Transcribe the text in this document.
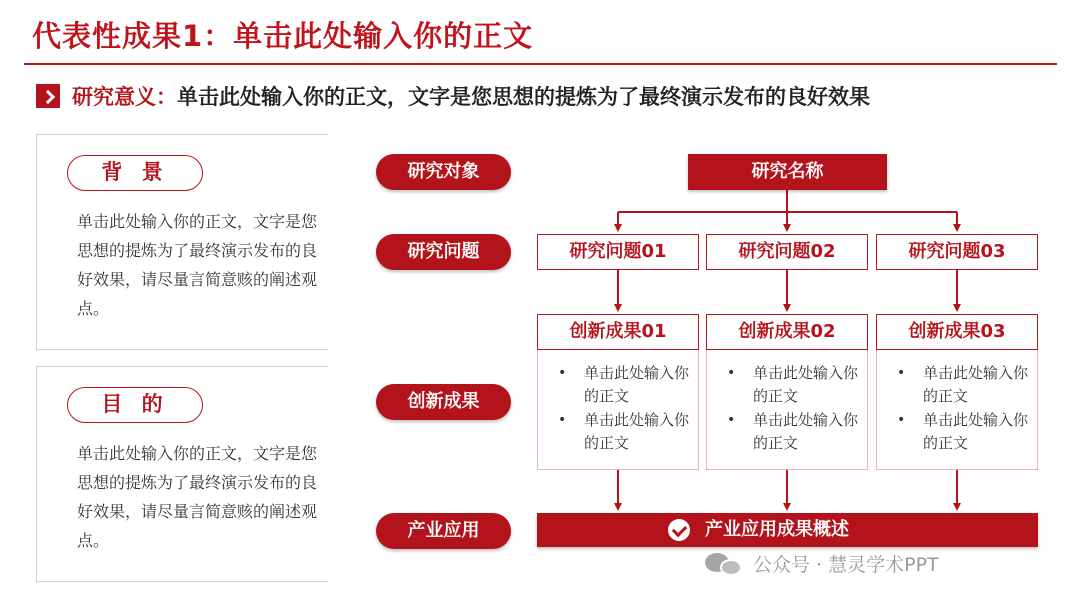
代表性成果1：单击此处输入你的正文
研究意义：单击此处输入你的正文，文字是您思想的提炼为了最终演示发布的良好效果
背 景
单击此处输入你的正文，文字是您思想的提炼为了最终演示发布的良好效果，请尽量言简意赅的阐述观点。
目 的
单击此处输入你的正文，文字是您思想的提炼为了最终演示发布的良好效果，请尽量言简意赅的阐述观点。
研究对象
研究问题
创新成果
产业应用
研究名称
研究问题01	研究问题02	研究问题03
创新成果01
• 单击此处输入你的正文
• 单击此处输入你的正文
创新成果02
• 单击此处输入你的正文
• 单击此处输入你的正文
创新成果03
• 单击此处输入你的正文
• 单击此处输入你的正文
产业应用成果概述
公众号 · 慧灵学术PPT
